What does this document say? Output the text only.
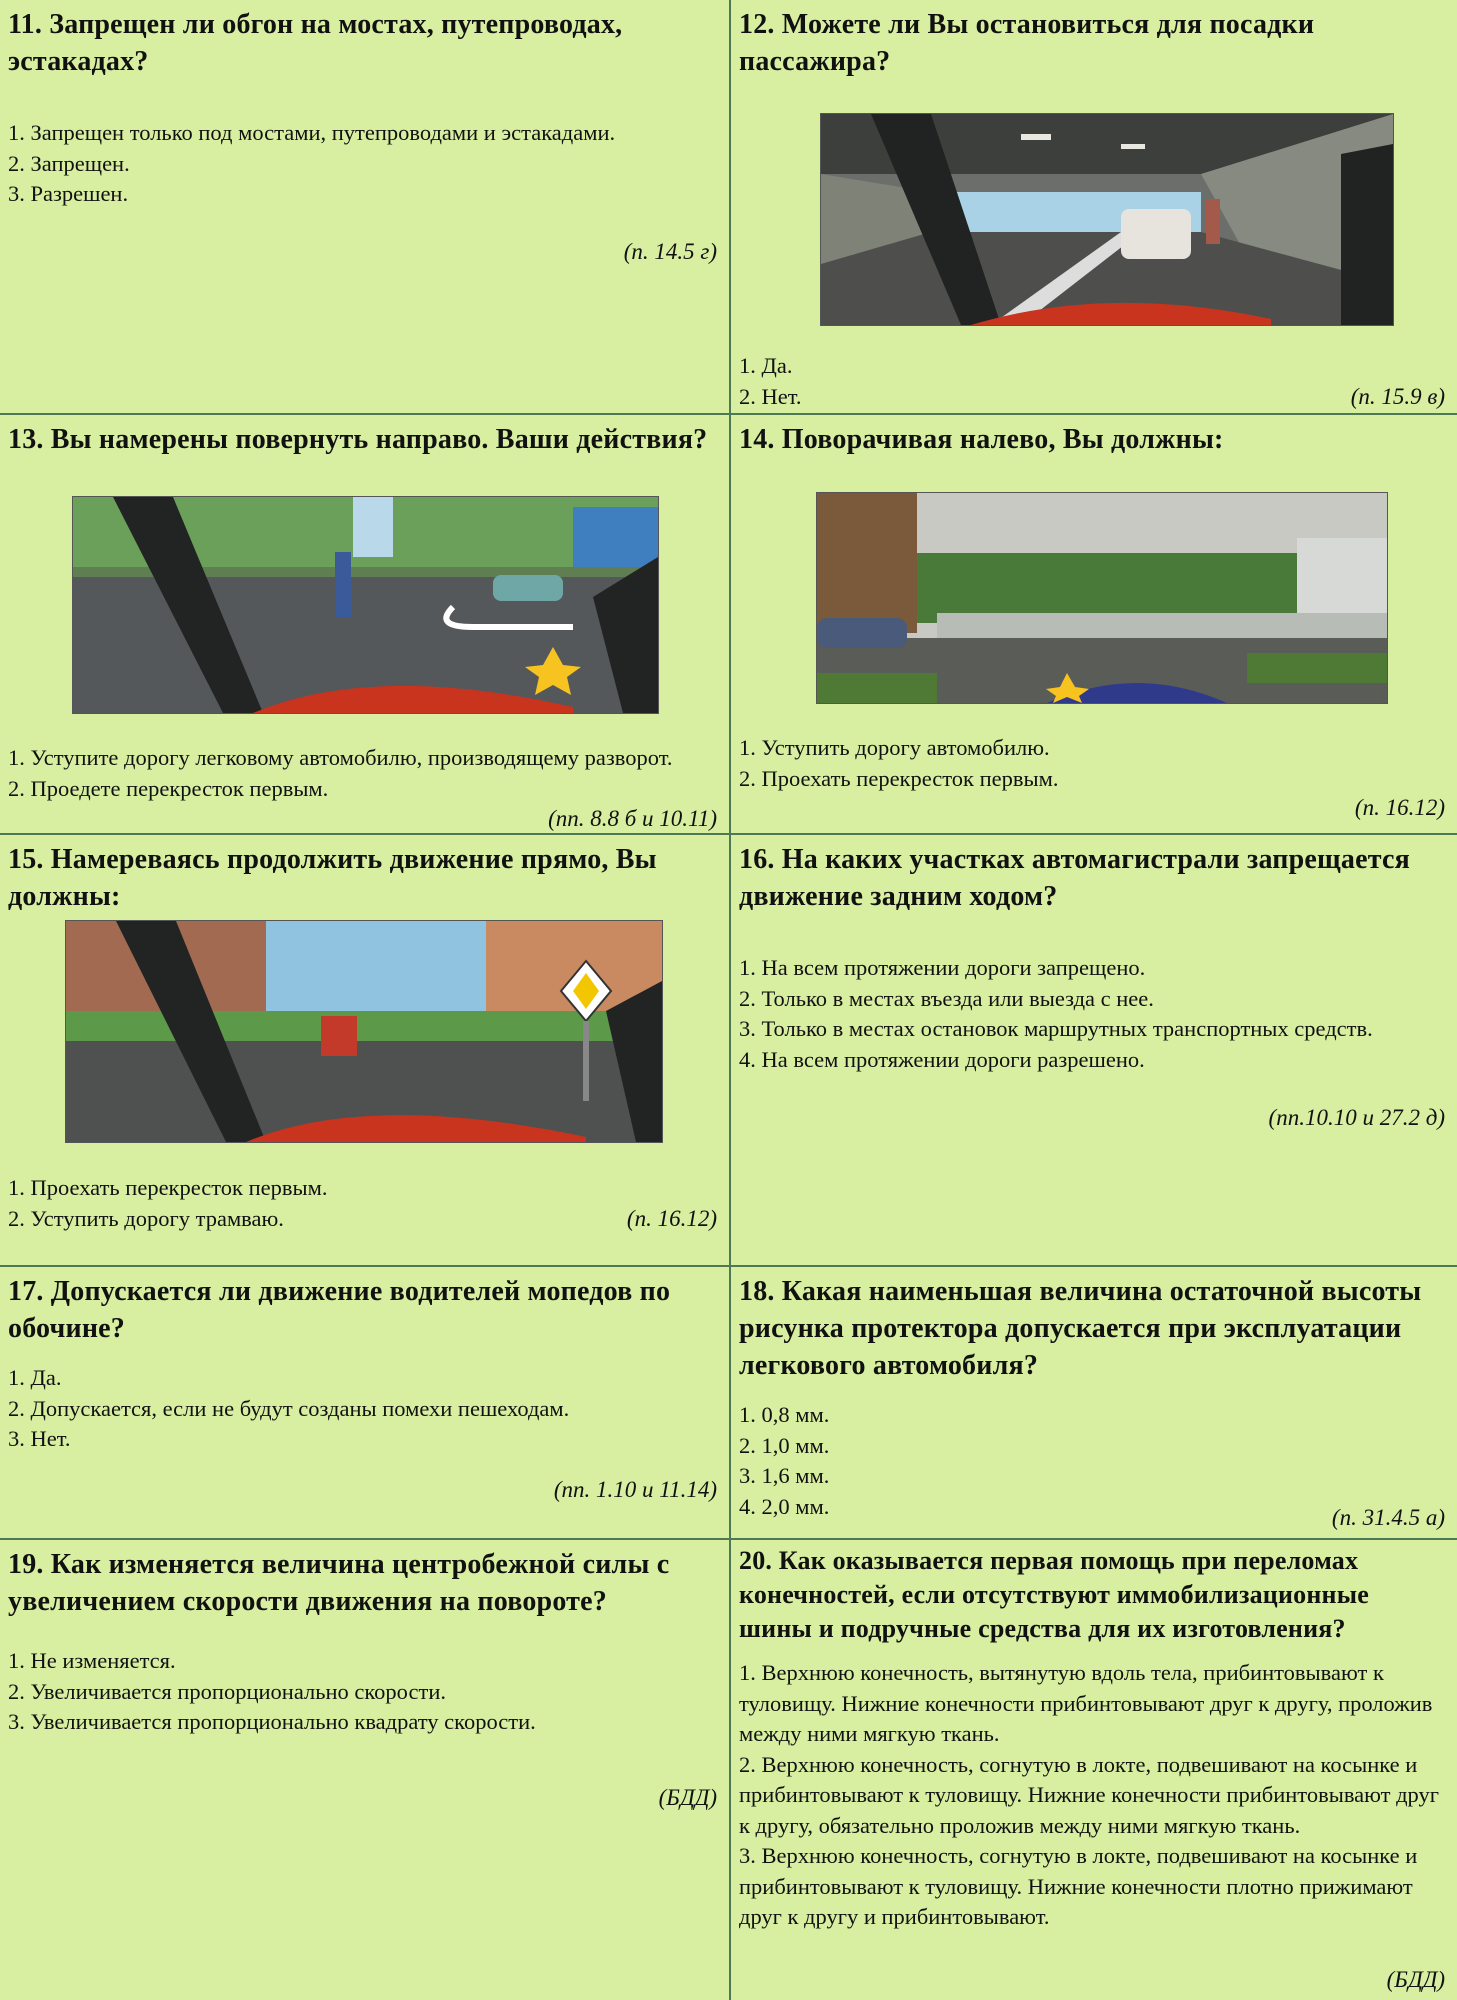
11. Запрещен ли обгон на мостах, путепроводах, эстакадах?

1. Запрещен только под мостами, путепроводами и эстакадами.
2. Запрещен.
3. Разрешен.
(п. 14.5 г)

12. Можете ли Вы остановиться для посадки пассажира?

1. Да.
2. Нет.	(п. 15.9 в)

13. Вы намерены повернуть направо. Ваши действия?

1. Уступите дорогу легковому автомобилю, производящему разворот.
2. Проедете перекресток первым.
(пп. 8.8 б и 10.11)

14. Поворачивая налево, Вы должны:

1. Уступить дорогу автомобилю.
2. Проехать перекресток первым.
(п. 16.12)

15. Намереваясь продолжить движение прямо, Вы должны:

1. Проехать перекресток первым.
2. Уступить дорогу трамваю.	(п. 16.12)

16. На каких участках автомагистрали запрещается движение задним ходом?

1. На всем протяжении дороги запрещено.
2. Только в местах въезда или выезда с нее.
3. Только в местах остановок маршрутных транспортных средств.
4. На всем протяжении дороги разрешено.
(пп.10.10 и 27.2 д)

17. Допускается ли движение водителей мопедов по обочине?

1. Да.
2. Допускается, если не будут созданы помехи пешеходам.
3. Нет.
(пп. 1.10 и 11.14)

18. Какая наименьшая величина остаточной высоты рисунка протектора допускается при эксплуатации легкового автомобиля?

1. 0,8 мм.
2. 1,0 мм.
3. 1,6 мм.
4. 2,0 мм.	(п. 31.4.5 а)

19. Как изменяется величина центробежной силы с увеличением скорости движения на повороте?

1. Не изменяется.
2. Увеличивается пропорционально скорости.
3. Увеличивается пропорционально квадрату скорости.
(БДД)

20. Как оказывается первая помощь при переломах конечностей, если отсутствуют иммобилизационные шины и подручные средства для их изготовления?

1. Верхнюю конечность, вытянутую вдоль тела, прибинтовывают к туловищу. Нижние конечности прибинтовывают друг к другу, проложив между ними мягкую ткань.
2. Верхнюю конечность, согнутую в локте, подвешивают на косынке и прибинтовывают к туловищу. Нижние конечности прибинтовывают друг к другу, обязательно проложив между ними мягкую ткань.
3. Верхнюю конечность, согнутую в локте, подвешивают на косынке и прибинтовывают к туловищу. Нижние конечности плотно прижимают друг к другу и прибинтовывают.
(БДД)
